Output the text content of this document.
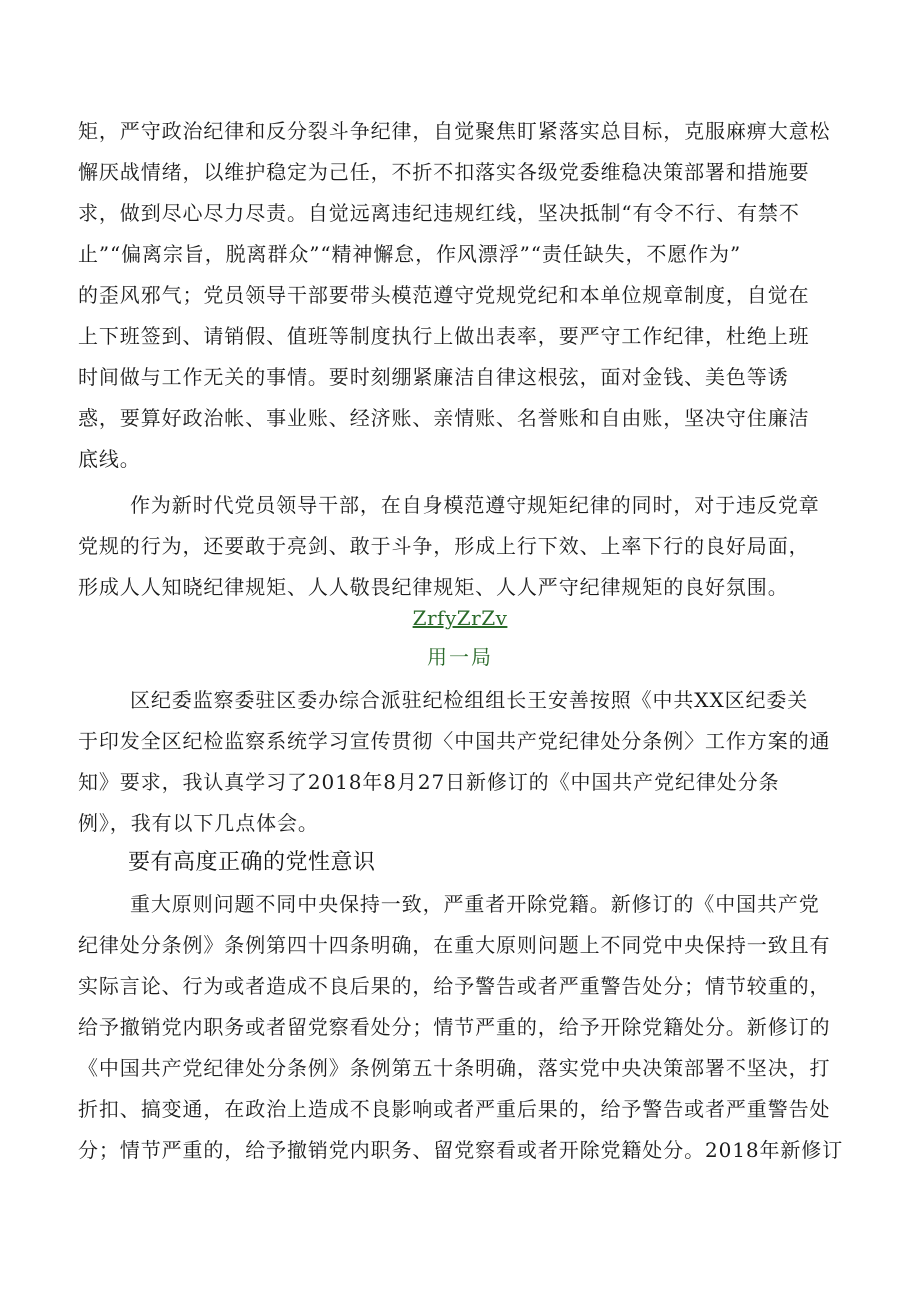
矩，严守政治纪律和反分裂斗争纪律，自觉聚焦盯紧落实总目标，克服麻痹大意松
懈厌战情绪，以维护稳定为己任，不折不扣落实各级党委维稳决策部署和措施要
求，做到尽心尽力尽责。自觉远离违纪违规红线，坚决抵制“有令不行、有禁不
止”“偏离宗旨，脱离群众”“精神懈怠，作风漂浮”“责任缺失，不愿作为”
的歪风邪气；党员领导干部要带头模范遵守党规党纪和本单位规章制度，自觉在
上下班签到、请销假、值班等制度执行上做出表率，要严守工作纪律，杜绝上班
时间做与工作无关的事情。要时刻绷紧廉洁自律这根弦，面对金钱、美色等诱
惑，要算好政治帐、事业账、经济账、亲情账、名誉账和自由账，坚决守住廉洁
底线。
作为新时代党员领导干部，在自身模范遵守规矩纪律的同时，对于违反党章
党规的行为，还要敢于亮剑、敢于斗争，形成上行下效、上率下行的良好局面，
形成人人知晓纪律规矩、人人敬畏纪律规矩、人人严守纪律规矩的良好氛围。
ZrfyZrZv
用一局
区纪委监察委驻区委办综合派驻纪检组组长王安善按照《中共XX区纪委关
于印发全区纪检监察系统学习宣传贯彻〈中国共产党纪律处分条例〉工作方案的通
知》要求，我认真学习了2018年8月27日新修订的《中国共产党纪律处分条
例》，我有以下几点体会。
要有高度正确的党性意识
重大原则问题不同中央保持一致，严重者开除党籍。新修订的《中国共产党
纪律处分条例》条例第四十四条明确，在重大原则问题上不同党中央保持一致且有
实际言论、行为或者造成不良后果的，给予警告或者严重警告处分；情节较重的，
给予撤销党内职务或者留党察看处分；情节严重的，给予开除党籍处分。新修订的
《中国共产党纪律处分条例》条例第五十条明确，落实党中央决策部署不坚决，打
折扣、搞变通，在政治上造成不良影响或者严重后果的，给予警告或者严重警告处
分；情节严重的，给予撤销党内职务、留党察看或者开除党籍处分。2018年新修订
